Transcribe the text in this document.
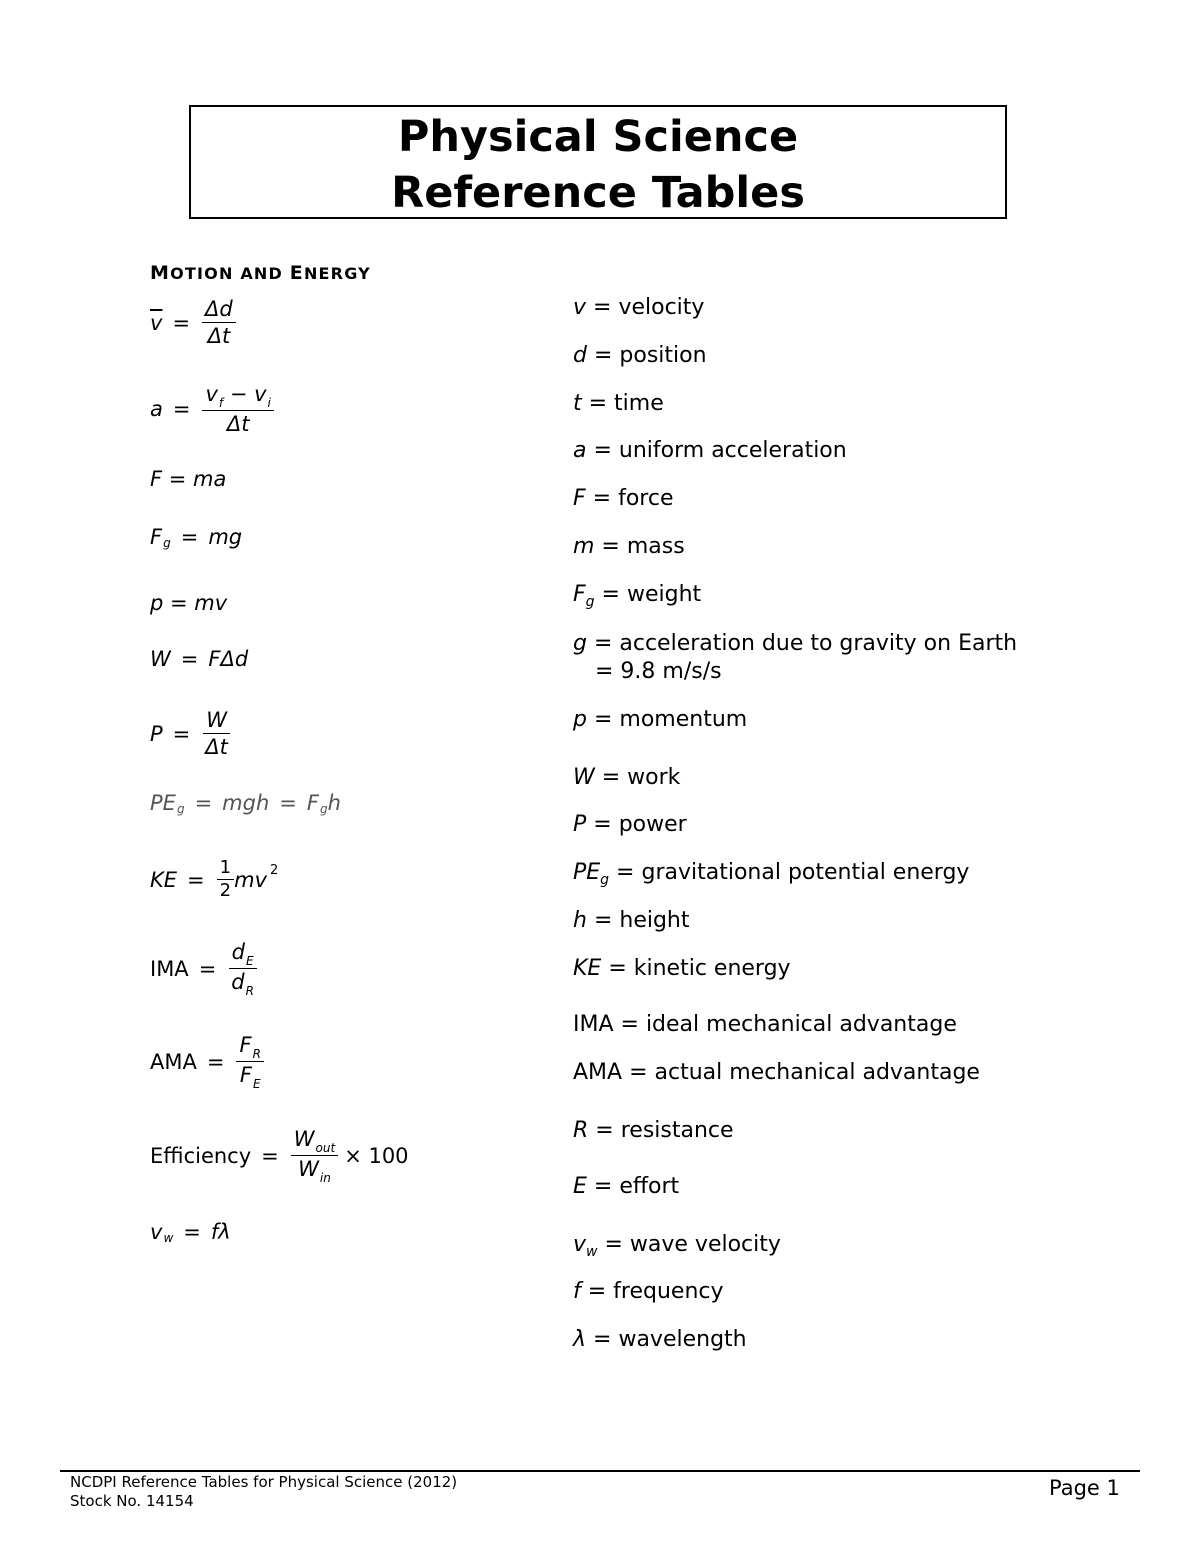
Physical Science
Reference Tables
MOTION AND ENERGY
$\overline{v} = \frac{\Delta d}{\Delta t}$
$a = \frac{v_f - v_i}{\Delta t}$
F = ma
F g = mg
p = mv
W = FΔd
$P = \frac{W}{\Delta t}$
PE g = mgh = F g h
KE = $\frac{1}{2}$ mv 2
IMA = $\frac{d_E}{d_R}$
AMA = $\frac{F_R}{F_E}$
Efficiency = $\frac{W_{out}}{W_{in}} \times 100$
v w = fλ
v = velocity
d = position
t = time
a = uniform acceleration
F = force
m = mass
$F_g$ = weight
g = acceleration due to gravity on Earth
= 9.8 m/s/s
p = momentum
W = work
P = power
$PE_g$ = gravitational potential energy
h = height
KE = kinetic energy
IMA = ideal mechanical advantage
AMA = actual mechanical advantage
R = resistance
E = effort
$v_w$ = wave velocity
f = frequency
λ = wavelength
NCDPI Reference Tables for Physical Science (2012)
Stock No. 14154
Page 1
